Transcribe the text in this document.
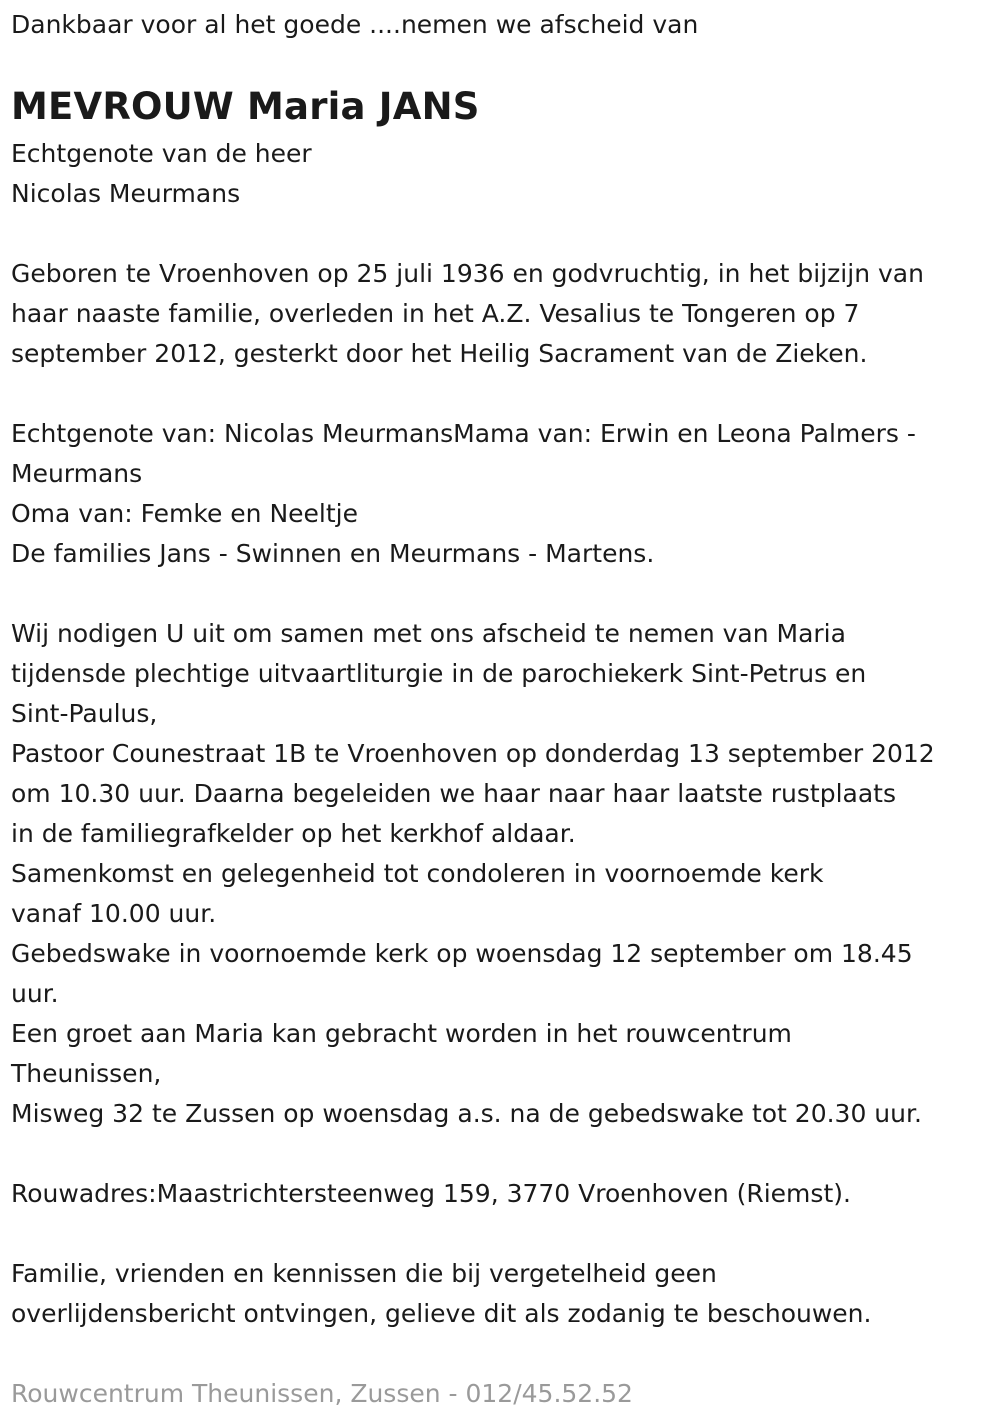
Dankbaar voor al het goede ....nemen we afscheid van

MEVROUW Maria JANS

Echtgenote van de heer

Nicolas Meurmans

Geboren te Vroenhoven op 25 juli 1936 en godvruchtig, in het bijzijn van

haar naaste familie, overleden in het A.Z. Vesalius te Tongeren op 7

september 2012, gesterkt door het Heilig Sacrament van de Zieken.

Echtgenote van: Nicolas MeurmansMama van: Erwin en Leona Palmers -

Meurmans

Oma van: Femke en Neeltje

De families Jans - Swinnen en Meurmans - Martens.

Wij nodigen U uit om samen met ons afscheid te nemen van Maria

tijdensde plechtige uitvaartliturgie in de parochiekerk Sint-Petrus en

Sint-Paulus,

Pastoor Counestraat 1B te Vroenhoven op donderdag 13 september 2012

om 10.30 uur. Daarna begeleiden we haar naar haar laatste rustplaats

in de familiegrafkelder op het kerkhof aldaar.

Samenkomst en gelegenheid tot condoleren in voornoemde kerk

vanaf 10.00 uur.

Gebedswake in voornoemde kerk op woensdag 12 september om 18.45

uur.

Een groet aan Maria kan gebracht worden in het rouwcentrum

Theunissen,

Misweg 32 te Zussen op woensdag a.s. na de gebedswake tot 20.30 uur.

Rouwadres:Maastrichtersteenweg 159, 3770 Vroenhoven (Riemst).

Familie, vrienden en kennissen die bij vergetelheid geen

overlijdensbericht ontvingen, gelieve dit als zodanig te beschouwen.

Rouwcentrum Theunissen, Zussen - 012/45.52.52
